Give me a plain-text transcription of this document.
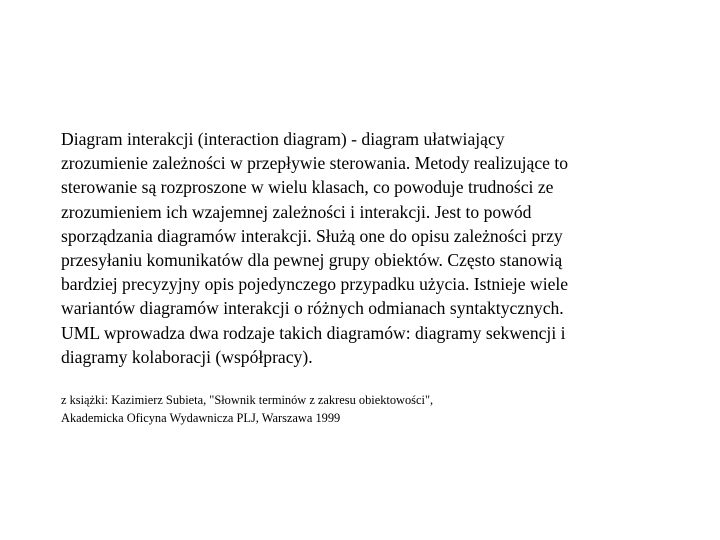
Diagram interakcji (interaction diagram) - diagram ułatwiający
zrozumienie zależności w przepływie sterowania. Metody realizujące to
sterowanie są rozproszone w wielu klasach, co powoduje trudności ze
zrozumieniem ich wzajemnej zależności i interakcji. Jest to powód
sporządzania diagramów interakcji. Służą one do opisu zależności przy
przesyłaniu komunikatów dla pewnej grupy obiektów. Często stanowią
bardziej precyzyjny opis pojedynczego przypadku użycia. Istnieje wiele
wariantów diagramów interakcji o różnych odmianach syntaktycznych.
UML wprowadza dwa rodzaje takich diagramów: diagramy sekwencji i
diagramy kolaboracji (współpracy).

z książki: Kazimierz Subieta, "Słownik terminów z zakresu obiektowości",
Akademicka Oficyna Wydawnicza PLJ, Warszawa 1999
